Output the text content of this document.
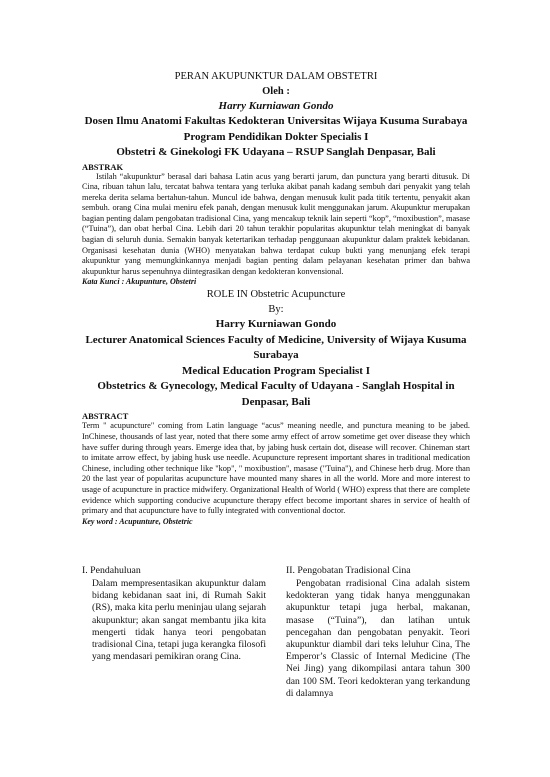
PERAN AKUPUNKTUR DALAM OBSTETRI
Oleh :
Harry Kurniawan Gondo
Dosen Ilmu Anatomi Fakultas Kedokteran Universitas Wijaya Kusuma Surabaya
Program Pendidikan Dokter Specialis I
Obstetri & Ginekologi FK Udayana – RSUP Sanglah Denpasar, Bali
ABSTRAK

Istilah “akupunktur” berasal dari bahasa Latin acus yang berarti jarum, dan punctura yang berarti ditusuk. Di Cina, ribuan tahun lalu, tercatat bahwa tentara yang terluka akibat panah kadang sembuh dari penyakit yang telah mereka derita selama bertahun-tahun. Muncul ide bahwa, dengan menusuk kulit pada titik tertentu, penyakit akan sembuh. orang Cina mulai meniru efek panah, dengan menusuk kulit menggunakan jarum. Akupunktur merupakan bagian penting dalam pengobatan tradisional Cina, yang mencakup teknik lain seperti “kop”, “moxibustion”, masase (“Tuina”), dan obat herbal Cina. Lebih dari 20 tahun terakhir popularitas akupunktur telah meningkat di banyak bagian di seluruh dunia. Semakin banyak ketertarikan terhadap penggunaan akupunktur dalam praktek kebidanan. Organisasi kesehatan dunia (WHO) menyatakan bahwa terdapat cukup bukti yang menunjang efek terapi akupunktur yang memungkinkannya menjadi bagian penting dalam pelayanan kesehatan primer dan bahwa akupunktur harus sepenuhnya diintegrasikan dengan kedokteran konvensional.

Kata Kunci : Akupunture, Obstetri
ROLE IN Obstetric Acupuncture
By:
Harry Kurniawan Gondo
Lecturer Anatomical Sciences Faculty of Medicine, University of Wijaya Kusuma Surabaya
Medical Education Program Specialist I
Obstetrics & Gynecology, Medical Faculty of Udayana - Sanglah Hospital in Denpasar, Bali
ABSTRACT

Term " acupuncture" coming from Latin language “acus” meaning needle, and punctura meaning to be jabed. InChinese, thousands of last year, noted that there some army effect of arrow sometime get over disease they which have suffer during through years. Emerge idea that, by jabing husk certain dot, disease will recover. Chineman start to imitate arrow effect, by jabing husk use needle. Acupuncture represent important shares in traditional medication Chinese, including other technique like "kop", " moxibustion", masase ("Tuina"), and Chinese herb drug. More than 20 the last year of popularitas acupuncture have mounted many shares in all the world. More and more interest to usage of acupuncture in practice midwifery. Organizational Health of World ( WHO) express that there are complete evidence which supporting conducive acupuncture therapy effect become important shares in service of health of primary and that acupuncture have to fully integrated with conventional doctor.

Key word : Acupunture, Obstetric
I. Pendahuluan

Dalam mempresentasikan akupunktur dalam bidang kebidanan saat ini, di Rumah Sakit (RS), maka kita perlu meninjau ulang sejarah akupunktur; akan sangat membantu jika kita mengerti tidak hanya teori pengobatan tradisional Cina, tetapi juga kerangka filosofi yang mendasari pemikiran orang Cina.

II. Pengobatan Tradisional Cina

Pengobatan rradisional Cina adalah sistem kedokteran yang tidak hanya menggunakan akupunktur tetapi juga herbal, makanan, masase (“Tuina”), dan latihan untuk pencegahan dan pengobatan penyakit. Teori akupunktur diambil dari teks leluhur Cina, The Emperor’s Classic of Internal Medicine (The Nei Jing) yang dikompilasi antara tahun 300 dan 100 SM. Teori kedokteran yang terkandung di dalamnya
